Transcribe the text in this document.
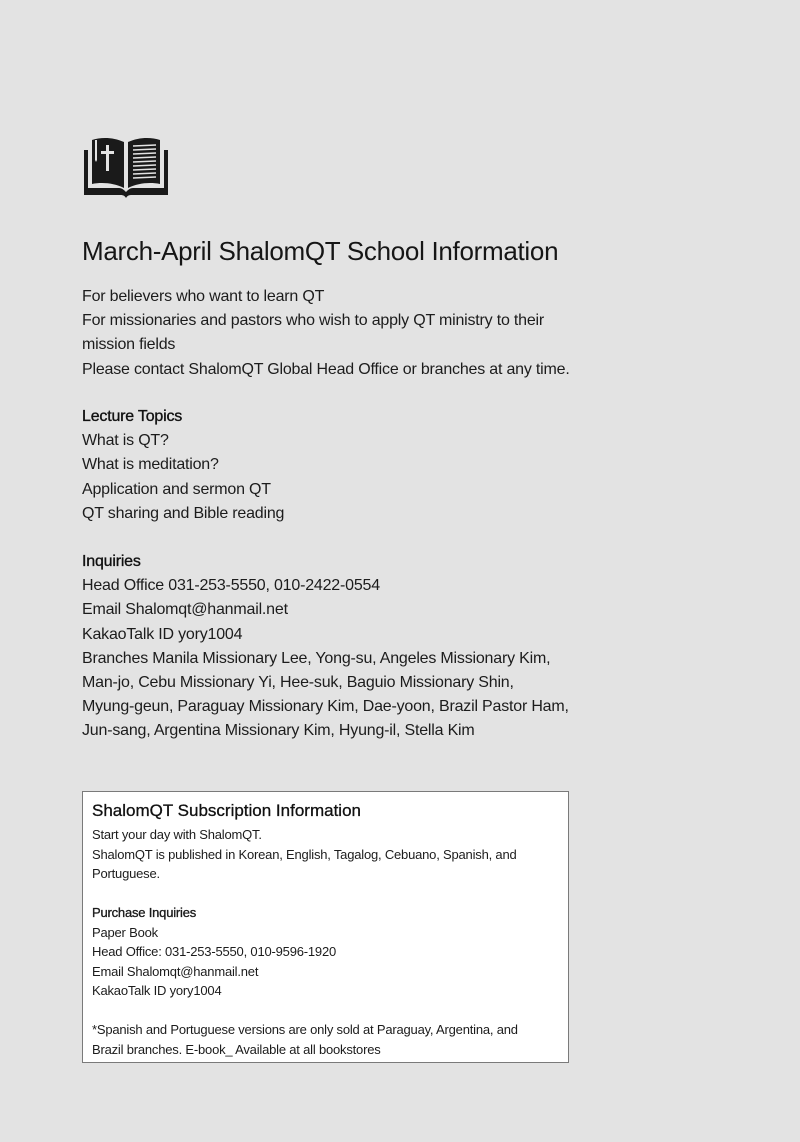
March-April ShalomQT School Information

For believers who want to learn QT

For missionaries and pastors who wish to apply QT ministry to their

mission fields

Please contact ShalomQT Global Head Office or branches at any time.

Lecture Topics

What is QT?

What is meditation?

Application and sermon QT

QT sharing and Bible reading

Inquiries

Head Office 031-253-5550, 010-2422-0554

Email Shalomqt@hanmail.net

KakaoTalk ID yory1004

Branches Manila Missionary Lee, Yong-su, Angeles Missionary Kim,

Man-jo, Cebu Missionary Yi, Hee-suk, Baguio Missionary Shin,

Myung-geun, Paraguay Missionary Kim, Dae-yoon, Brazil Pastor Ham,

Jun-sang, Argentina Missionary Kim, Hyung-il, Stella Kim

ShalomQT Subscription Information

Start your day with ShalomQT.

ShalomQT is published in Korean, English, Tagalog, Cebuano, Spanish, and

Portuguese.

Purchase Inquiries

Paper Book

Head Office: 031-253-5550, 010-9596-1920

Email Shalomqt@hanmail.net

KakaoTalk ID yory1004

*Spanish and Portuguese versions are only sold at Paraguay, Argentina, and

Brazil branches. E-book_ Available at all bookstores
